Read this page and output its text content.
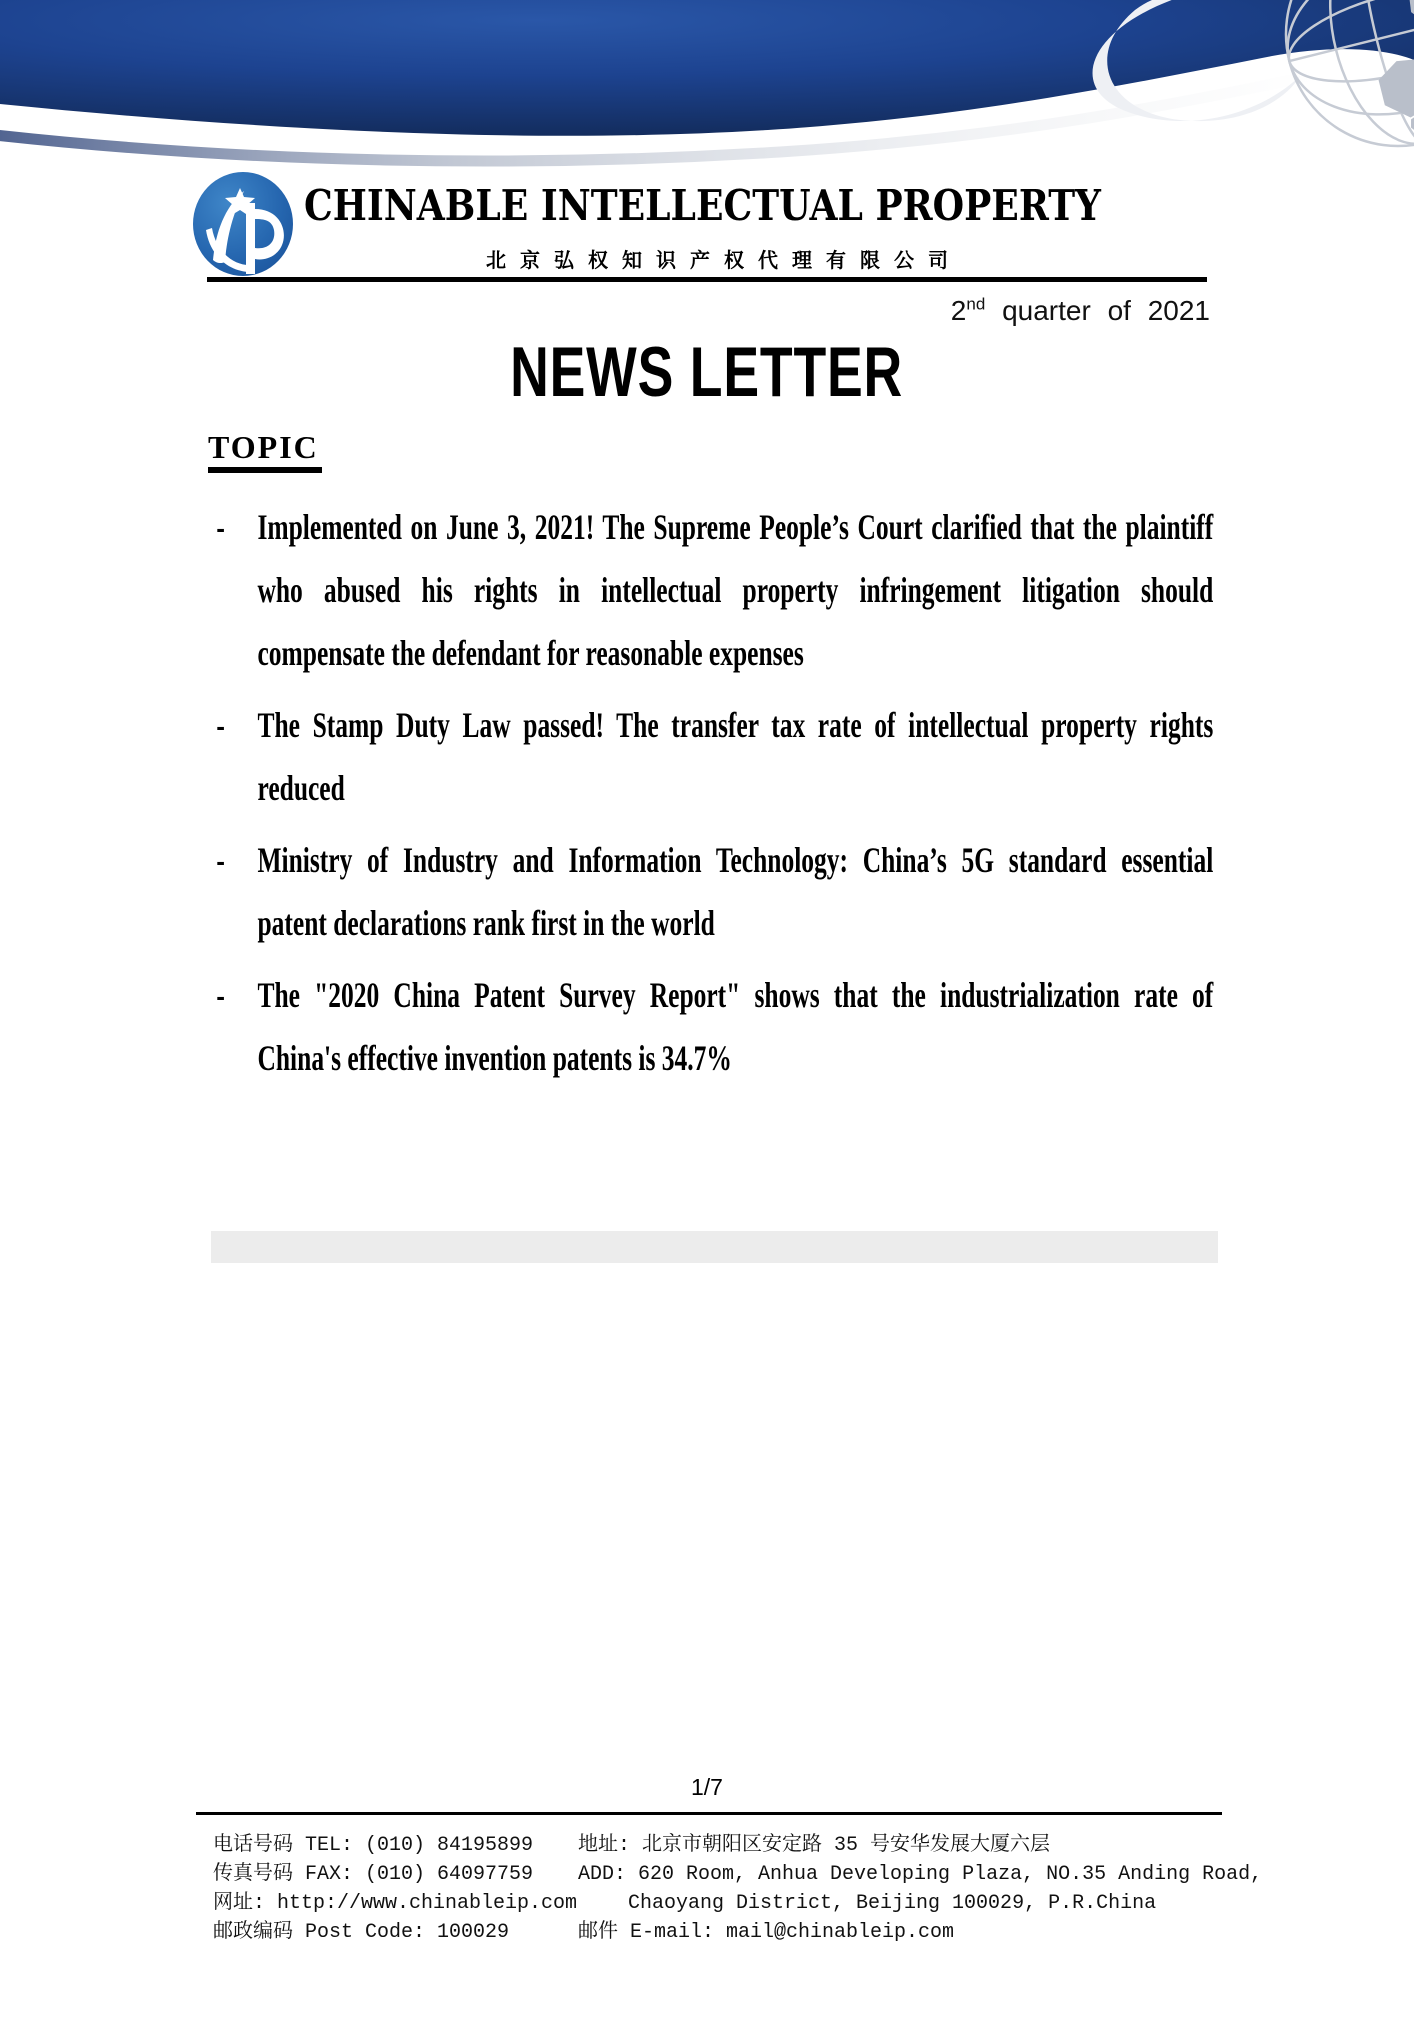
CHINABLE INTELLECTUAL PROPERTY
北京弘权知识产权代理有限公司
2nd quarter of 2021
NEWS LETTER
TOPIC
- Implemented on June 3, 2021! The Supreme People’s Court clarified that the plaintiff who abused his rights in intellectual property infringement litigation should compensate the defendant for reasonable expenses
- The Stamp Duty Law passed! The transfer tax rate of intellectual property rights reduced
- Ministry of Industry and Information Technology: China’s 5G standard essential patent declarations rank first in the world
- The "2020 China Patent Survey Report" shows that the industrialization rate of China's effective invention patents is 34.7%
1/7
电话号码 TEL: (010) 84195899
传真号码 FAX: (010) 64097759
网址: http://www.chinableip.com
邮政编码 Post Code: 100029
地址: 北京市朝阳区安定路 35 号安华发展大厦六层
ADD: 620 Room, Anhua Developing Plaza, NO.35 Anding Road,
Chaoyang District, Beijing 100029, P.R.China
邮件 E-mail: mail@chinableip.com
